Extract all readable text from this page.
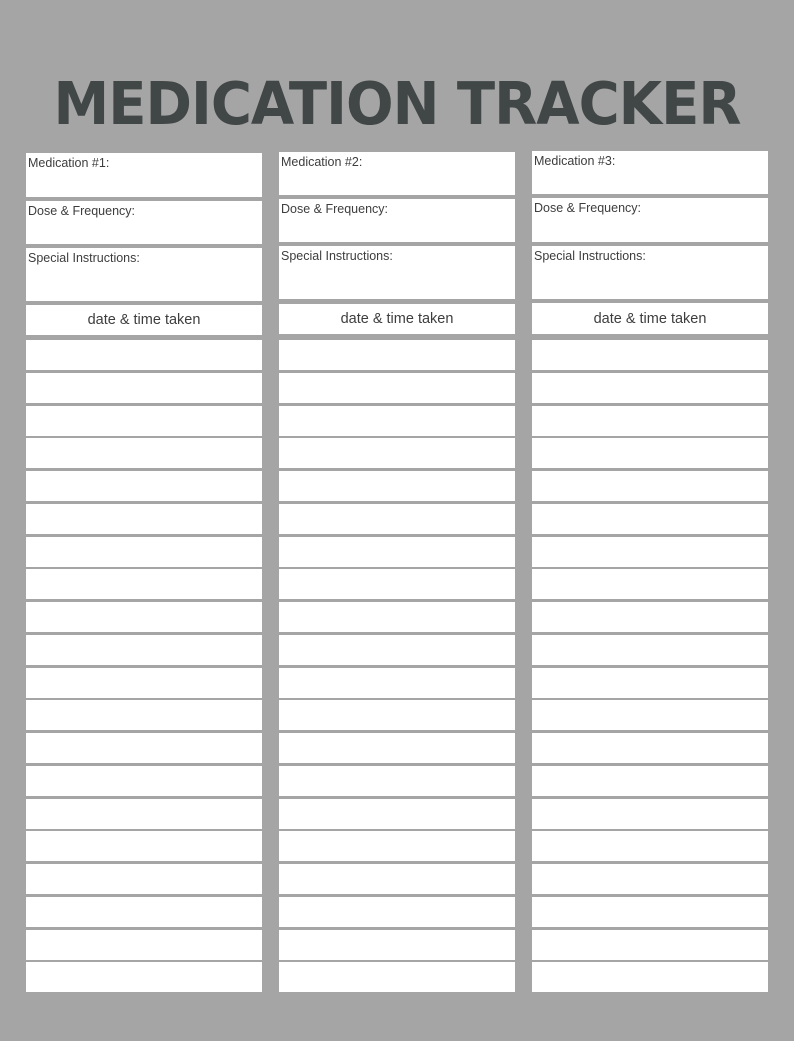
MEDICATION TRACKER
Medication #1:
Dose & Frequency:
Special Instructions:
date & time taken
Medication #2:
Dose & Frequency:
Special Instructions:
date & time taken
Medication #3:
Dose & Frequency:
Special Instructions:
date & time taken
